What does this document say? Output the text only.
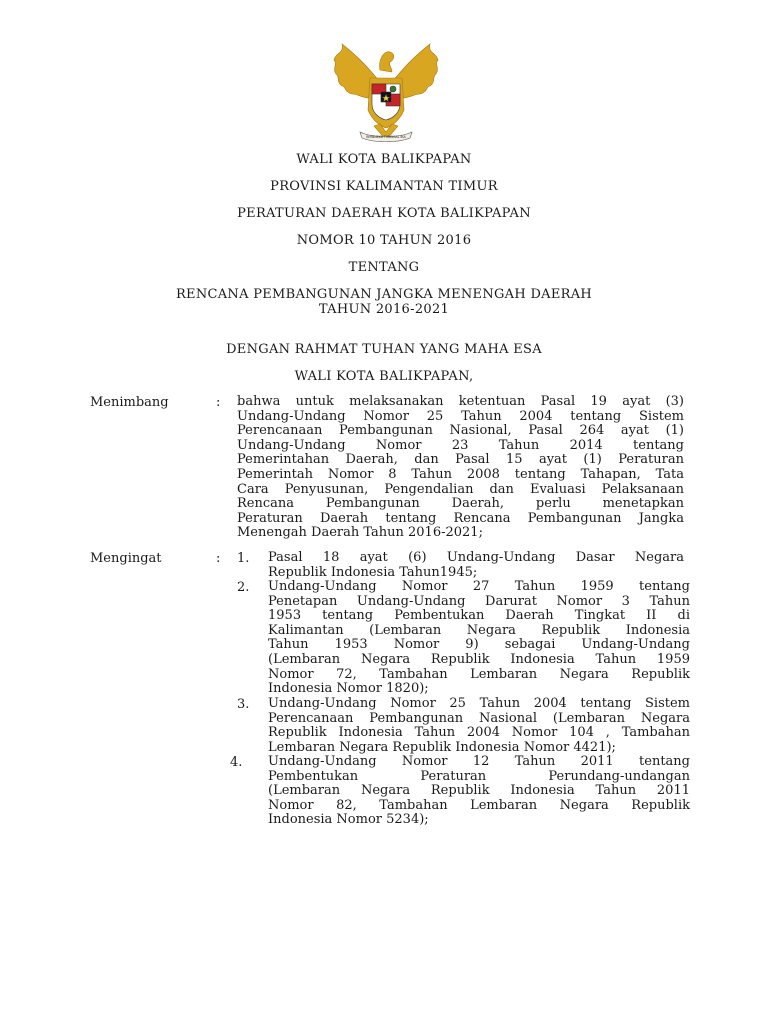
BHINNEKA TUNGGAL IKA
WALI KOTA BALIKPAPAN
PROVINSI KALIMANTAN TIMUR
PERATURAN DAERAH KOTA BALIKPAPAN
NOMOR 10 TAHUN 2016
TENTANG
RENCANA PEMBANGUNAN JANGKA MENENGAH DAERAH
TAHUN 2016-2021
DENGAN RAHMAT TUHAN YANG MAHA ESA
WALI KOTA BALIKPAPAN,
Menimbang	: bahwa untuk melaksanakan ketentuan Pasal 19 ayat (3)
Undang-Undang Nomor 25 Tahun 2004 tentang Sistem
Perencanaan Pembangunan Nasional, Pasal 264 ayat (1)
Undang-Undang Nomor 23 Tahun 2014 tentang
Pemerintahan Daerah, dan Pasal 15 ayat (1) Peraturan
Pemerintah Nomor 8 Tahun 2008 tentang Tahapan, Tata
Cara Penyusunan, Pengendalian dan Evaluasi Pelaksanaan
Rencana Pembangunan Daerah, perlu menetapkan
Peraturan Daerah tentang Rencana Pembangunan Jangka
Menengah Daerah Tahun 2016-2021;
Mengingat	: 1. Pasal 18 ayat (6) Undang-Undang Dasar Negara
Republik Indonesia Tahun1945;
2. Undang-Undang Nomor 27 Tahun 1959 tentang
Penetapan Undang-Undang Darurat Nomor 3 Tahun
1953 tentang Pembentukan Daerah Tingkat II di
Kalimantan (Lembaran Negara Republik Indonesia
Tahun 1953 Nomor 9) sebagai Undang-Undang
(Lembaran Negara Republik Indonesia Tahun 1959
Nomor 72, Tambahan Lembaran Negara Republik
Indonesia Nomor 1820);
3. Undang-Undang Nomor 25 Tahun 2004 tentang Sistem
Perencanaan Pembangunan Nasional (Lembaran Negara
Republik Indonesia Tahun 2004 Nomor 104 , Tambahan
Lembaran Negara Republik Indonesia Nomor 4421);
4. Undang-Undang Nomor 12 Tahun 2011 tentang
Pembentukan Peraturan Perundang-undangan
(Lembaran Negara Republik Indonesia Tahun 2011
Nomor 82, Tambahan Lembaran Negara Republik
Indonesia Nomor 5234);
